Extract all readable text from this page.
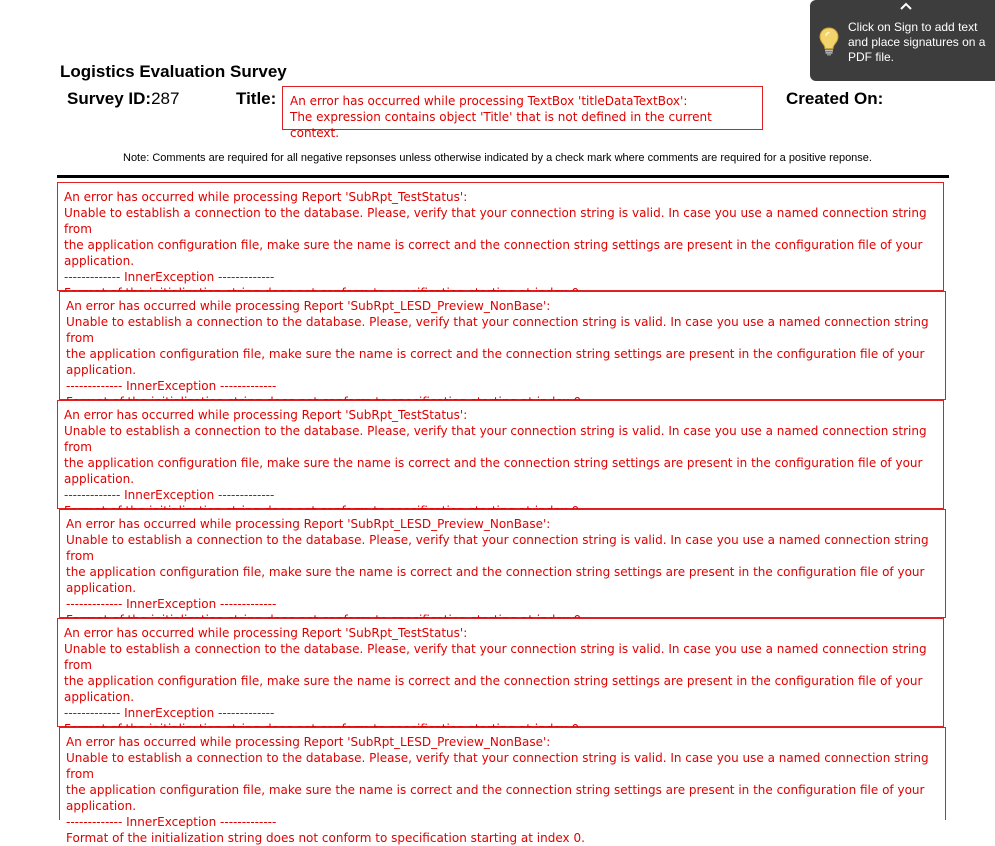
Logistics Evaluation Survey
Survey ID:287	Title: An error has occurred while processing TextBox 'titleDataTextBox':
The expression contains object 'Title' that is not defined in the current context.
Created On:
Note: Comments are required for all negative repsonses unless otherwise indicated by a check mark where comments are required for a positive reponse.
An error has occurred while processing Report 'SubRpt_TestStatus':
Unable to establish a connection to the database. Please, verify that your connection string is valid. In case you use a named connection string from
the application configuration file, make sure the name is correct and the connection string settings are present in the configuration file of your
application.
------------- InnerException -------------
An error has occurred while processing Report 'SubRpt_LESD_Preview_NonBase':
Unable to establish a connection to the database. Please, verify that your connection string is valid. In case you use a named connection string from
the application configuration file, make sure the name is correct and the connection string settings are present in the configuration file of your
application.
------------- InnerException -------------
An error has occurred while processing Report 'SubRpt_TestStatus':
Unable to establish a connection to the database. Please, verify that your connection string is valid. In case you use a named connection string from
the application configuration file, make sure the name is correct and the connection string settings are present in the configuration file of your
application.
------------- InnerException -------------
An error has occurred while processing Report 'SubRpt_LESD_Preview_NonBase':
Unable to establish a connection to the database. Please, verify that your connection string is valid. In case you use a named connection string from
the application configuration file, make sure the name is correct and the connection string settings are present in the configuration file of your
application.
------------- InnerException -------------
An error has occurred while processing Report 'SubRpt_TestStatus':
Unable to establish a connection to the database. Please, verify that your connection string is valid. In case you use a named connection string from
the application configuration file, make sure the name is correct and the connection string settings are present in the configuration file of your
application.
------------- InnerException -------------
An error has occurred while processing Report 'SubRpt_LESD_Preview_NonBase':
Unable to establish a connection to the database. Please, verify that your connection string is valid. In case you use a named connection string from
the application configuration file, make sure the name is correct and the connection string settings are present in the configuration file of your
application.
------------- InnerException -------------
Format of the initialization string does not conform to specification starting at index 0.
Click on Sign to add text and place signatures on a PDF file.
